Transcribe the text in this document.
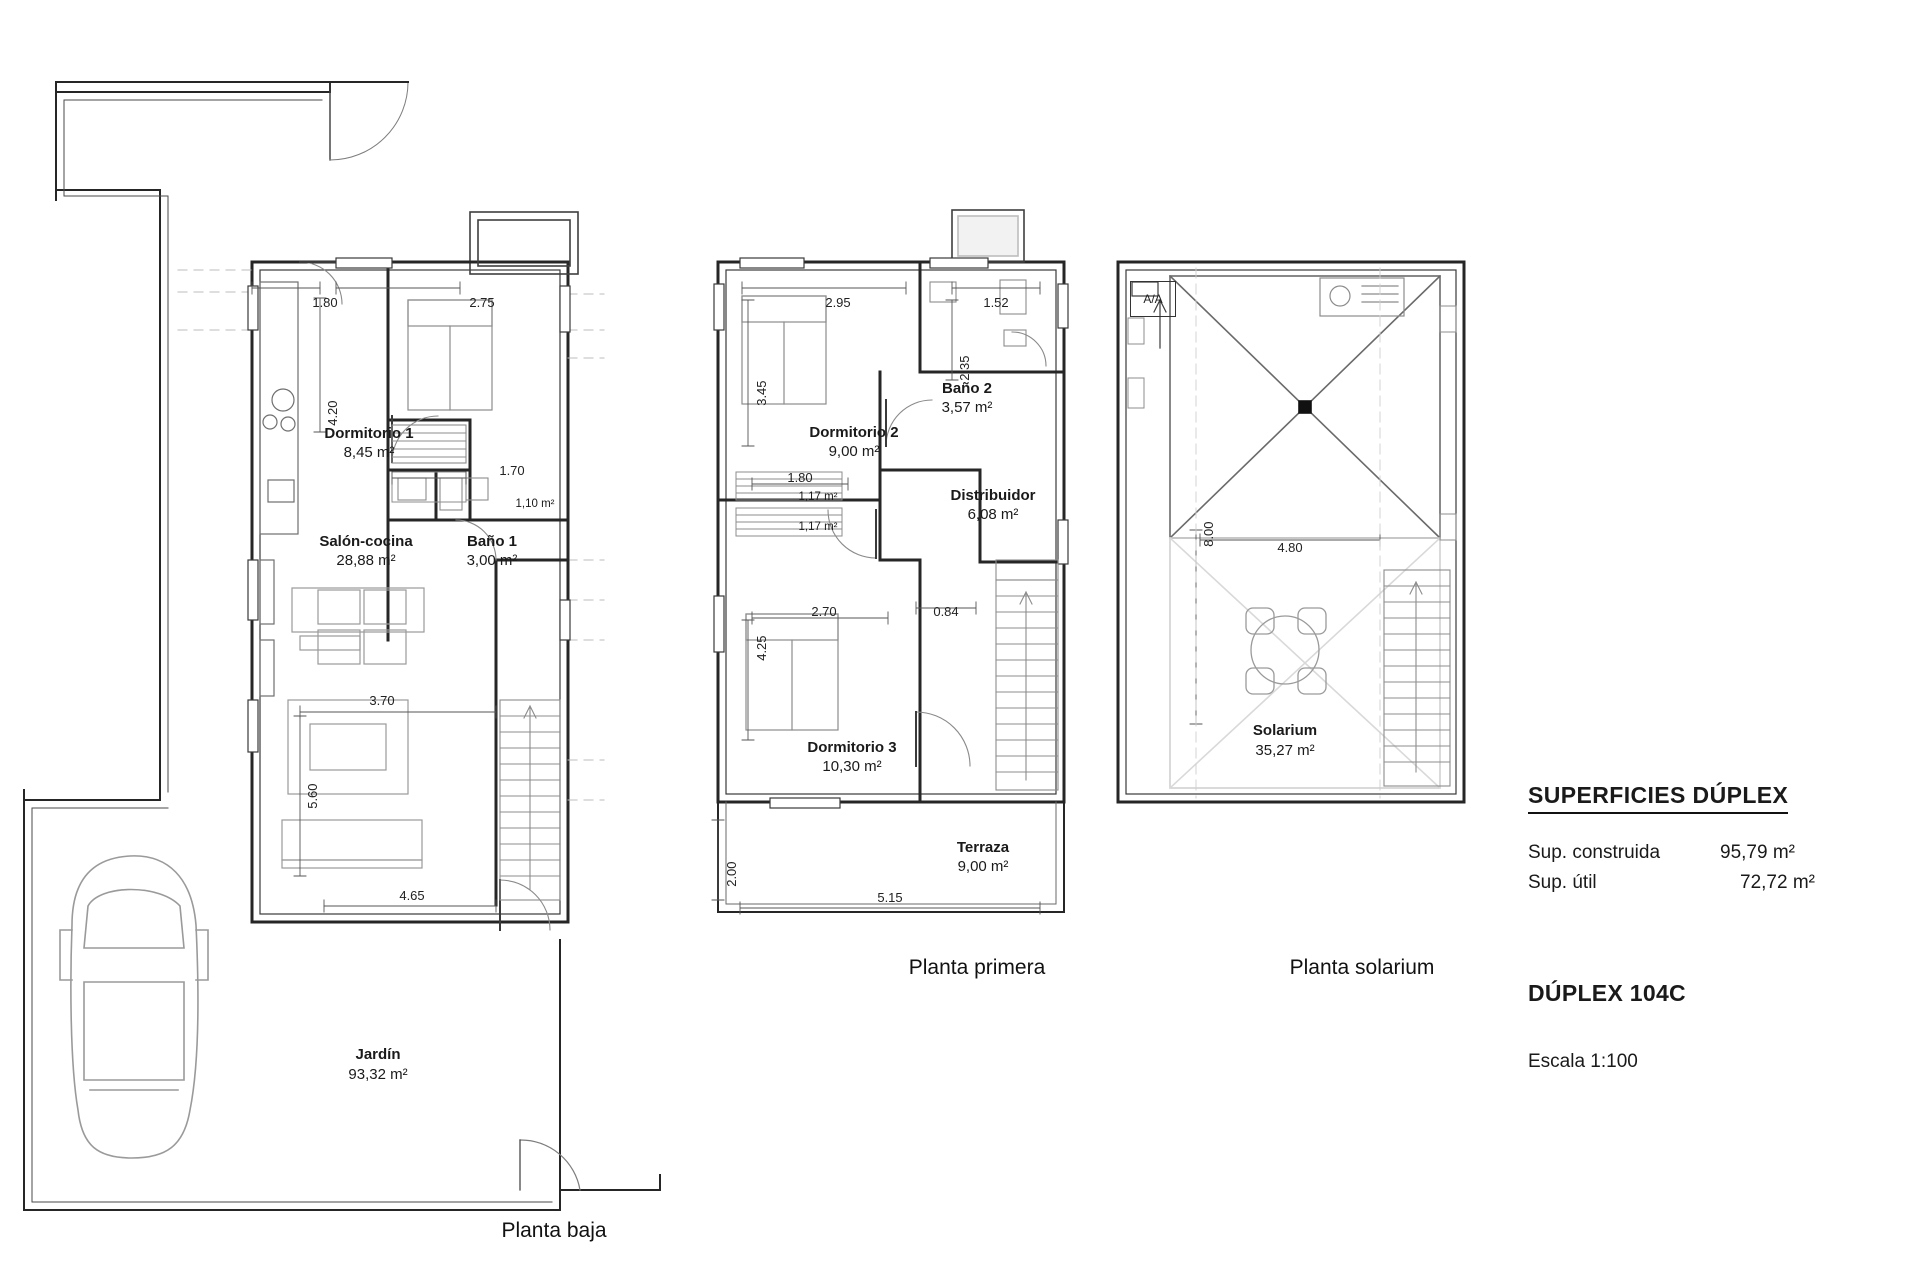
Dormitorio 1
8,45 m²
Salón-cocina
28,88 m²
Baño 1
3,00 m²
1,10 m²
Jardín
93,32 m²
1.80	2.75
4.20
1.70
3.70
5.60
4.65
Planta baja
Dormitorio 2
9,00 m²
Baño 2
3,57 m²
Distribuidor
6,08 m²
Dormitorio 3
10,30 m²
Terraza
9,00 m²
1,17 m²
1,17 m²
2.95	1.52
2.35
3.45
1.80
2.70	0.84
4.25
2.00
5.15
Planta primera
Solarium
35,27 m²
8.00
4.80
A/A
Planta solarium
SUPERFICIES DÚPLEX
Sup. construida	95,79 m²
Sup. útil	72,72 m²
DÚPLEX 104C
Escala 1:100
